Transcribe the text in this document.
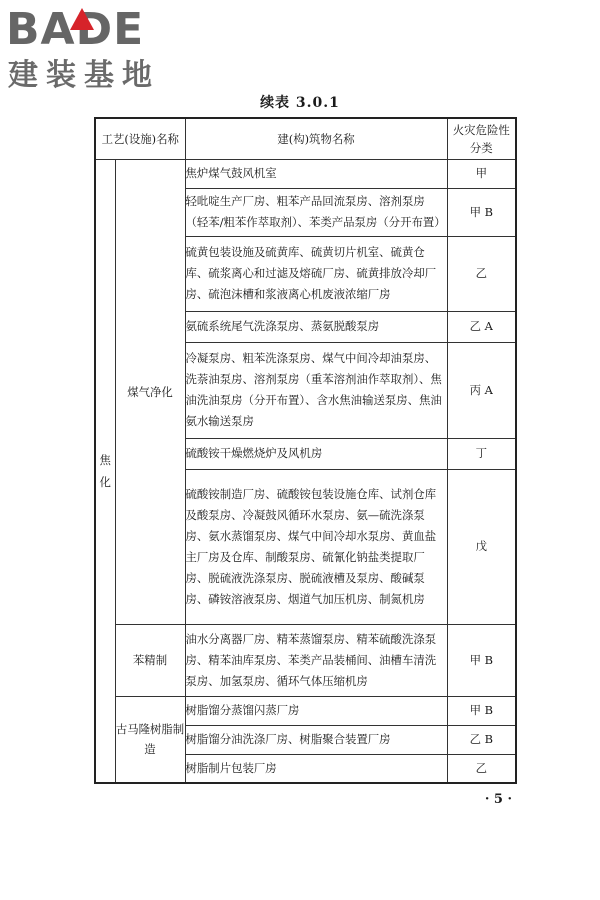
BADE
建装基地
续表 3.0.1
工艺(设施)名称		建(构)筑物名称	火灾危险性分类
焦化	煤气净化	焦炉煤气鼓风机室	甲
		轻吡啶生产厂房、粗苯产品回流泵房、溶剂泵房（轻苯/粗苯作萃取剂）、苯类产品泵房（分开布置）	甲 B
		硫黄包装设施及硫黄库、硫黄切片机室、硫黄仓库、硫浆离心和过滤及熔硫厂房、硫黄排放冷却厂房、硫泡沫槽和浆液离心机废液浓缩厂房	乙
		氨硫系统尾气洗涤泵房、蒸氨脱酸泵房	乙 A
		冷凝泵房、粗苯洗涤泵房、煤气中间冷却油泵房、洗萘油泵房、溶剂泵房（重苯溶剂油作萃取剂）、焦油洗油泵房（分开布置）、含水焦油输送泵房、焦油氨水输送泵房	丙 A
		硫酸铵干燥燃烧炉及风机房	丁
		硫酸铵制造厂房、硫酸铵包装设施仓库、试剂仓库及酸泵房、冷凝鼓风循环水泵房、氨—硫洗涤泵房、氨水蒸馏泵房、煤气中间冷却水泵房、黄血盐主厂房及仓库、制酸泵房、硫氰化钠盐类提取厂房、脱硫液洗涤泵房、脱硫液槽及泵房、酸碱泵房、磷铵溶液泵房、烟道气加压机房、制氮机房	戊
	苯精制	油水分离器厂房、精苯蒸馏泵房、精苯硫酸洗涤泵房、精苯油库泵房、苯类产品装桶间、油槽车清洗泵房、加氢泵房、循环气体压缩机房	甲 B
	古马隆树脂制造	树脂馏分蒸馏闪蒸厂房	甲 B
		树脂馏分油洗涤厂房、树脂聚合装置厂房	乙 B
		树脂制片包装厂房	乙
· 5 ·
